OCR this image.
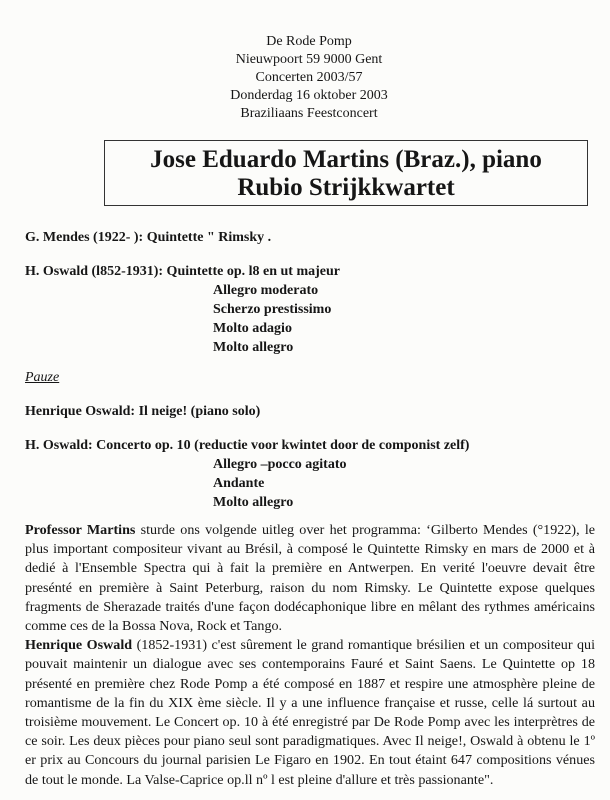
De Rode Pomp
Nieuwpoort 59 9000 Gent
Concerten 2003/57
Donderdag 16 oktober 2003
Braziliaans Feestconcert
Jose Eduardo Martins (Braz.), piano
Rubio Strijkkwartet
G. Mendes (1922- ): Quintette " Rimsky .
H. Oswald (l852-1931): Quintette op. l8 en ut majeur
Allegro moderato
Scherzo prestissimo
Molto adagio
Molto allegro
Pauze
Henrique Oswald: Il neige! (piano solo)
H. Oswald: Concerto op. 10 (reductie voor kwintet door de componist zelf)
Allegro –pocco agitato
Andante
Molto allegro
Professor Martins sturde ons volgende uitleg over het programma: ‘Gilberto Mendes (°1922), le plus important compositeur vivant au Brésil, à composé le Quintette Rimsky en mars de 2000 et à dedié à l'Ensemble Spectra qui à fait la première en Antwerpen. En verité l'oeuvre devait être presénté en première à Saint Peterburg, raison du nom Rimsky. Le Quintette expose quelques fragments de Sherazade traités d'une façon dodécaphonique libre en mêlant des rythmes américains comme ces de la Bossa Nova, Rock et Tango.
Henrique Oswald (1852-1931) c'est sûrement le grand romantique brésilien et un compositeur qui pouvait maintenir un dialogue avec ses contemporains Fauré et Saint Saens. Le Quintette op 18 présenté en première chez Rode Pomp a été composé en 1887 et respire une atmosphère pleine de romantisme de la fin du XIX ème siècle. Il y a une influence française et russe, celle lá surtout au troisième mouvement. Le Concert op. 10 à été enregistré par De Rode Pomp avec les interprètres de ce soir. Les deux pièces pour piano seul sont paradigmatiques. Avec Il neige!, Oswald à obtenu le 1º er prix au Concours du journal parisien Le Figaro en 1902. En tout étaint 647 compositions vénues de tout le monde. La Valse-Caprice op.ll nº l est pleine d'allure et très passionante".
